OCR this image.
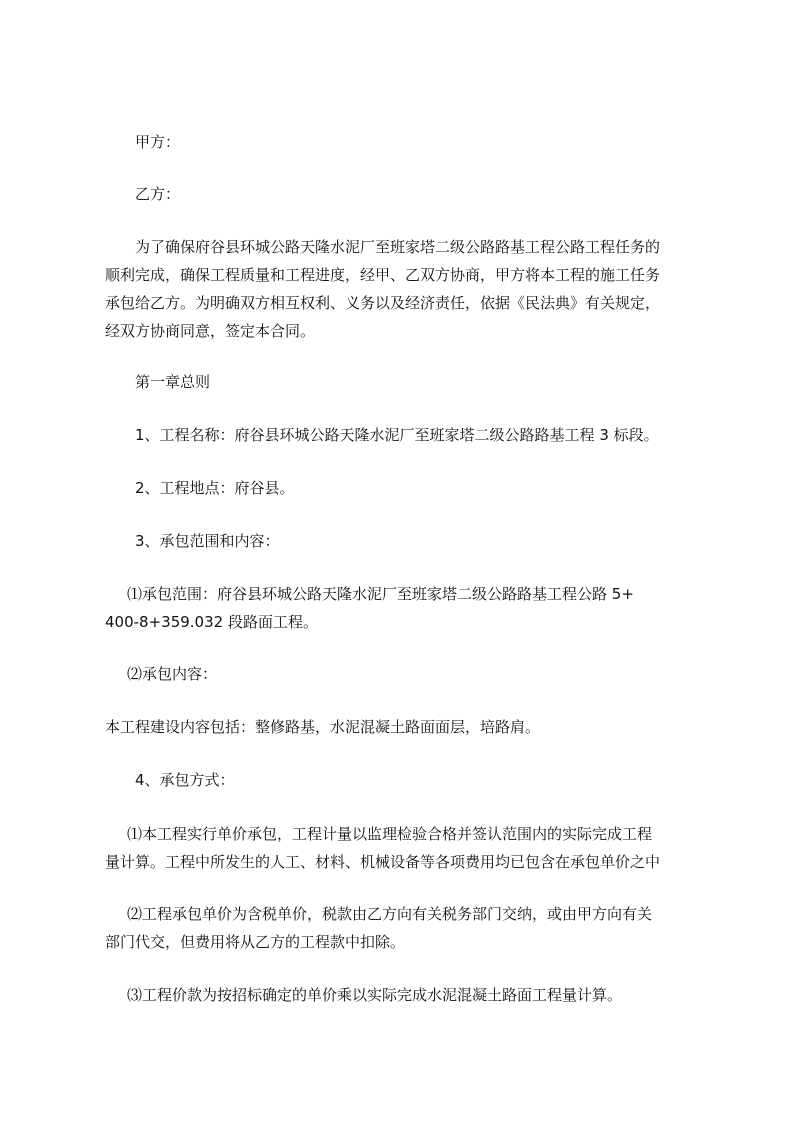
甲方：

乙方：

为了确保府谷县环城公路天隆水泥厂至班家塔二级公路路基工程公路工程任务的
顺利完成，确保工程质量和工程进度，经甲、乙双方协商，甲方将本工程的施工任务
承包给乙方。为明确双方相互权利、义务以及经济责任，依据《民法典》有关规定，
经双方协商同意，签定本合同。

第一章总则

1、工程名称：府谷县环城公路天隆水泥厂至班家塔二级公路路基工程 3 标段。

2、工程地点：府谷县。

3、承包范围和内容：

⑴承包范围：府谷县环城公路天隆水泥厂至班家塔二级公路路基工程公路 5+
400-8+359.032 段路面工程。

⑵承包内容：

本工程建设内容包括：整修路基，水泥混凝土路面面层，培路肩。

4、承包方式：

⑴本工程实行单价承包，工程计量以监理检验合格并签认范围内的实际完成工程
量计算。工程中所发生的人工、材料、机械设备等各项费用均已包含在承包单价之中
⑵工程承包单价为含税单价，税款由乙方向有关税务部门交纳，或由甲方向有关
部门代交，但费用将从乙方的工程款中扣除。

⑶工程价款为按招标确定的单价乘以实际完成水泥混凝土路面工程量计算。
